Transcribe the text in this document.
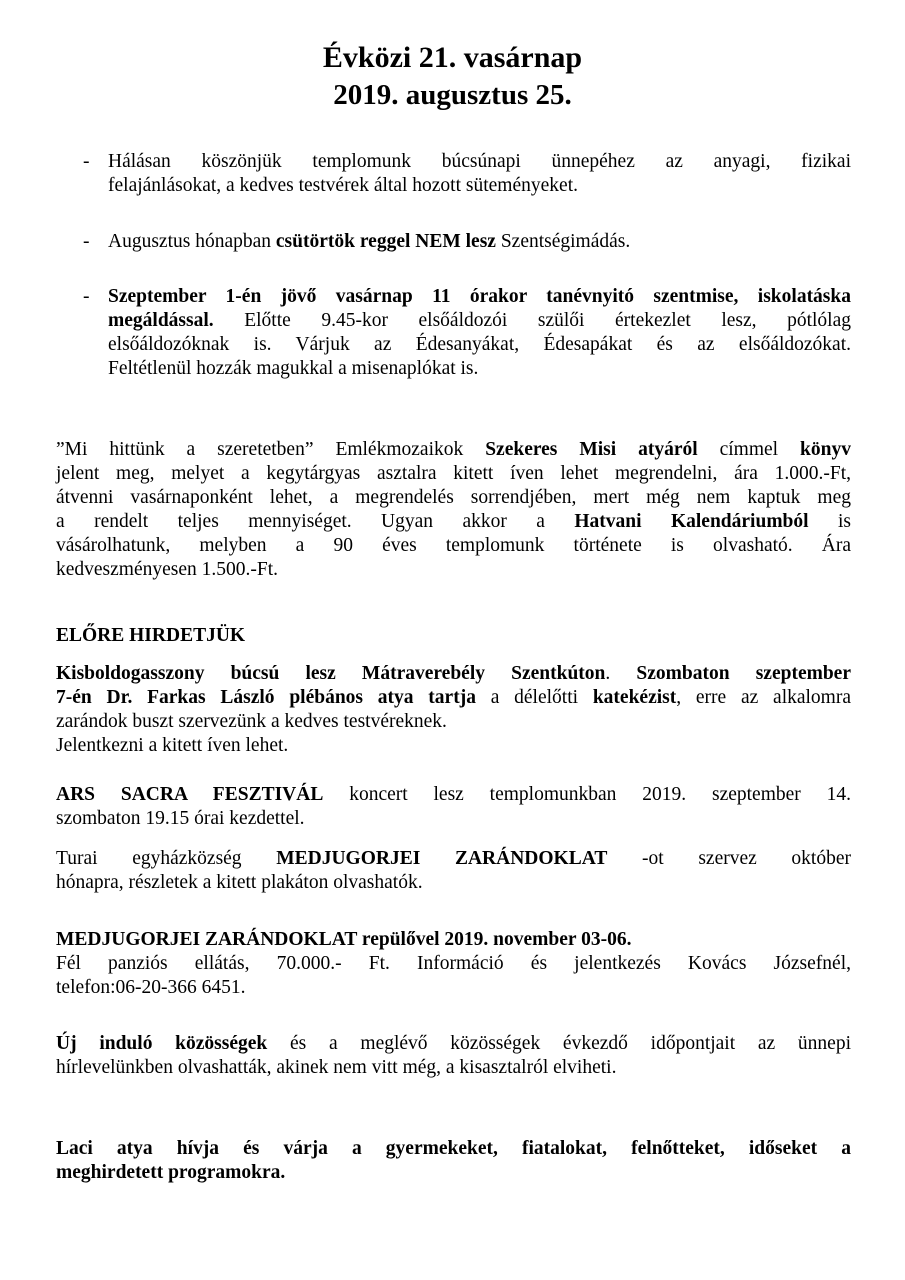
Évközi 21. vasárnap
2019. augusztus 25.
- Hálásan köszönjük templomunk búcsúnapi ünnepéhez az anyagi, fizikai
felajánlásokat, a kedves testvérek által hozott süteményeket.
- Augusztus hónapban csütörtök reggel NEM lesz Szentségimádás.
- Szeptember 1-én jövő vasárnap 11 órakor tanévnyitó szentmise, iskolatáska
megáldással. Előtte 9.45-kor elsőáldozói szülői értekezlet lesz, pótlólag
elsőáldozóknak is. Várjuk az Édesanyákat, Édesapákat és az elsőáldozókat.
Feltétlenül hozzák magukkal a misenaplókat is.
”Mi hittünk a szeretetben” Emlékmozaikok Szekeres Misi atyáról címmel könyv
jelent meg, melyet a kegytárgyas asztalra kitett íven lehet megrendelni, ára 1.000.-Ft,
átvenni vasárnaponként lehet, a megrendelés sorrendjében, mert még nem kaptuk meg
a rendelt teljes mennyiséget. Ugyan akkor a Hatvani Kalendáriumból is
vásárolhatunk, melyben a 90 éves templomunk története is olvasható. Ára
kedveszményesen 1.500.-Ft.
ELŐRE HIRDETJÜK
Kisboldogasszony búcsú lesz Mátraverebély Szentkúton. Szombaton szeptember
7-én Dr. Farkas László plébános atya tartja a délelőtti katekézist, erre az alkalomra
zarándok buszt szervezünk a kedves testvéreknek.
Jelentkezni a kitett íven lehet.
ARS SACRA FESZTIVÁL koncert lesz templomunkban 2019. szeptember 14.
szombaton 19.15 órai kezdettel.
Turai egyházközség MEDJUGORJEI ZARÁNDOKLAT -ot szervez október
hónapra, részletek a kitett plakáton olvashatók.
MEDJUGORJEI ZARÁNDOKLAT repülővel 2019. november 03-06.
Fél panziós ellátás, 70.000.- Ft. Információ és jelentkezés Kovács Józsefnél,
telefon:06-20-366 6451.
Új induló közösségek és a meglévő közösségek évkezdő időpontjait az ünnepi
hírlevelünkben olvashatták, akinek nem vitt még, a kisasztalról elviheti.
Laci atya hívja és várja a gyermekeket, fiatalokat, felnőtteket, időseket a
meghirdetett programokra.
